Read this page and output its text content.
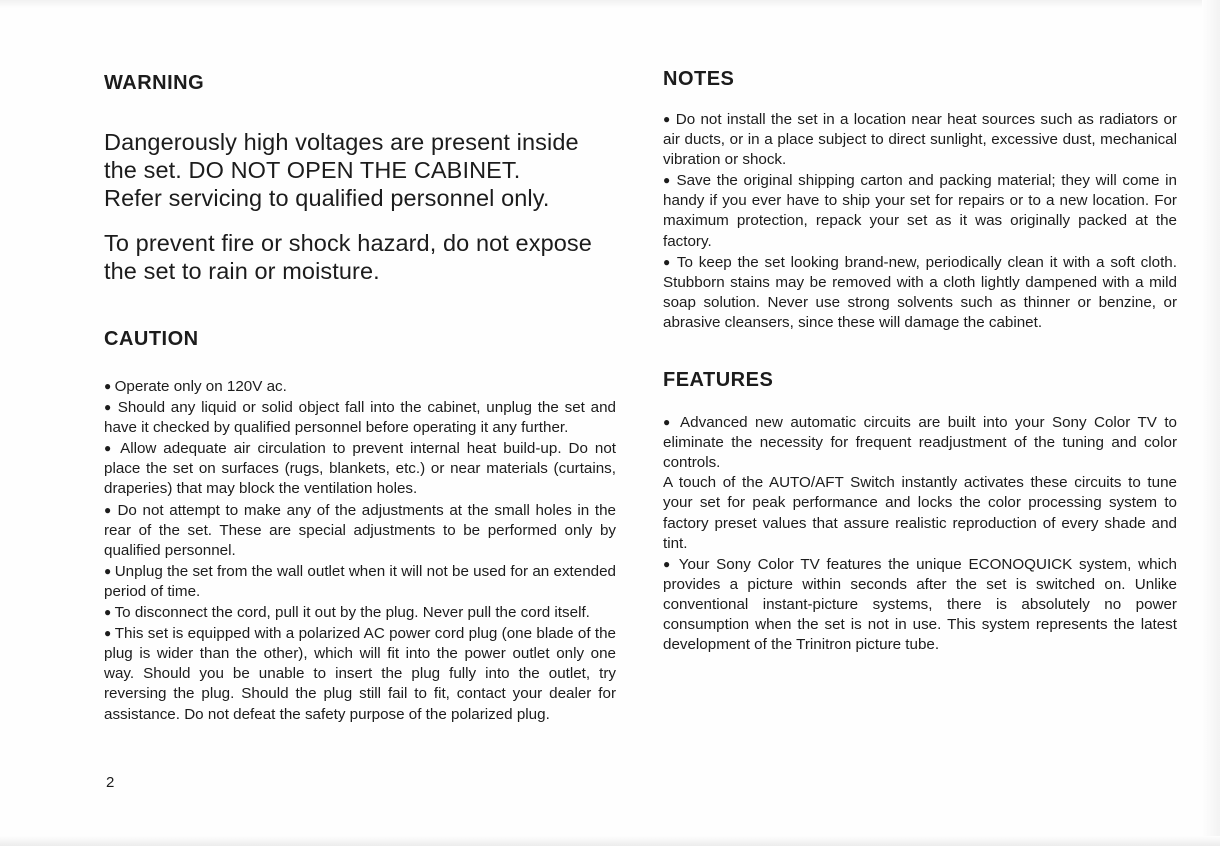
WARNING

Dangerously high voltages are present inside the set. DO NOT OPEN THE CABINET.

Refer servicing to qualified personnel only.

To prevent fire or shock hazard, do not expose the set to rain or moisture.

CAUTION

● Operate only on 120V ac.

● Should any liquid or solid object fall into the cabinet, unplug the set and have it checked by qualified personnel before operating it any further.

● Allow adequate air circulation to prevent internal heat build-up. Do not place the set on surfaces (rugs, blankets, etc.) or near materials (curtains, draperies) that may block the ventilation holes.

● Do not attempt to make any of the adjustments at the small holes in the rear of the set. These are special adjustments to be performed only by qualified personnel.

● Unplug the set from the wall outlet when it will not be used for an extended period of time.

● To disconnect the cord, pull it out by the plug. Never pull the cord itself.

● This set is equipped with a polarized AC power cord plug (one blade of the plug is wider than the other), which will fit into the power outlet only one way. Should you be unable to insert the plug fully into the outlet, try reversing the plug. Should the plug still fail to fit, contact your dealer for assistance. Do not defeat the safety purpose of the polarized plug.

NOTES

● Do not install the set in a location near heat sources such as radiators or air ducts, or in a place subject to direct sunlight, excessive dust, mechanical vibration or shock.

● Save the original shipping carton and packing material; they will come in handy if you ever have to ship your set for repairs or to a new location. For maximum protection, repack your set as it was originally packed at the factory.

● To keep the set looking brand-new, periodically clean it with a soft cloth. Stubborn stains may be removed with a cloth lightly dampened with a mild soap solution. Never use strong solvents such as thinner or benzine, or abrasive cleansers, since these will damage the cabinet.

FEATURES

● Advanced new automatic circuits are built into your Sony Color TV to eliminate the necessity for frequent readjustment of the tuning and color controls.

A touch of the AUTO/AFT Switch instantly activates these circuits to tune your set for peak performance and locks the color processing system to factory preset values that assure realistic reproduction of every shade and tint.

● Your Sony Color TV features the unique ECONOQUICK system, which provides a picture within seconds after the set is switched on. Unlike conventional instant-picture systems, there is absolutely no power consumption when the set is not in use. This system represents the latest development of the Trinitron picture tube.

2
